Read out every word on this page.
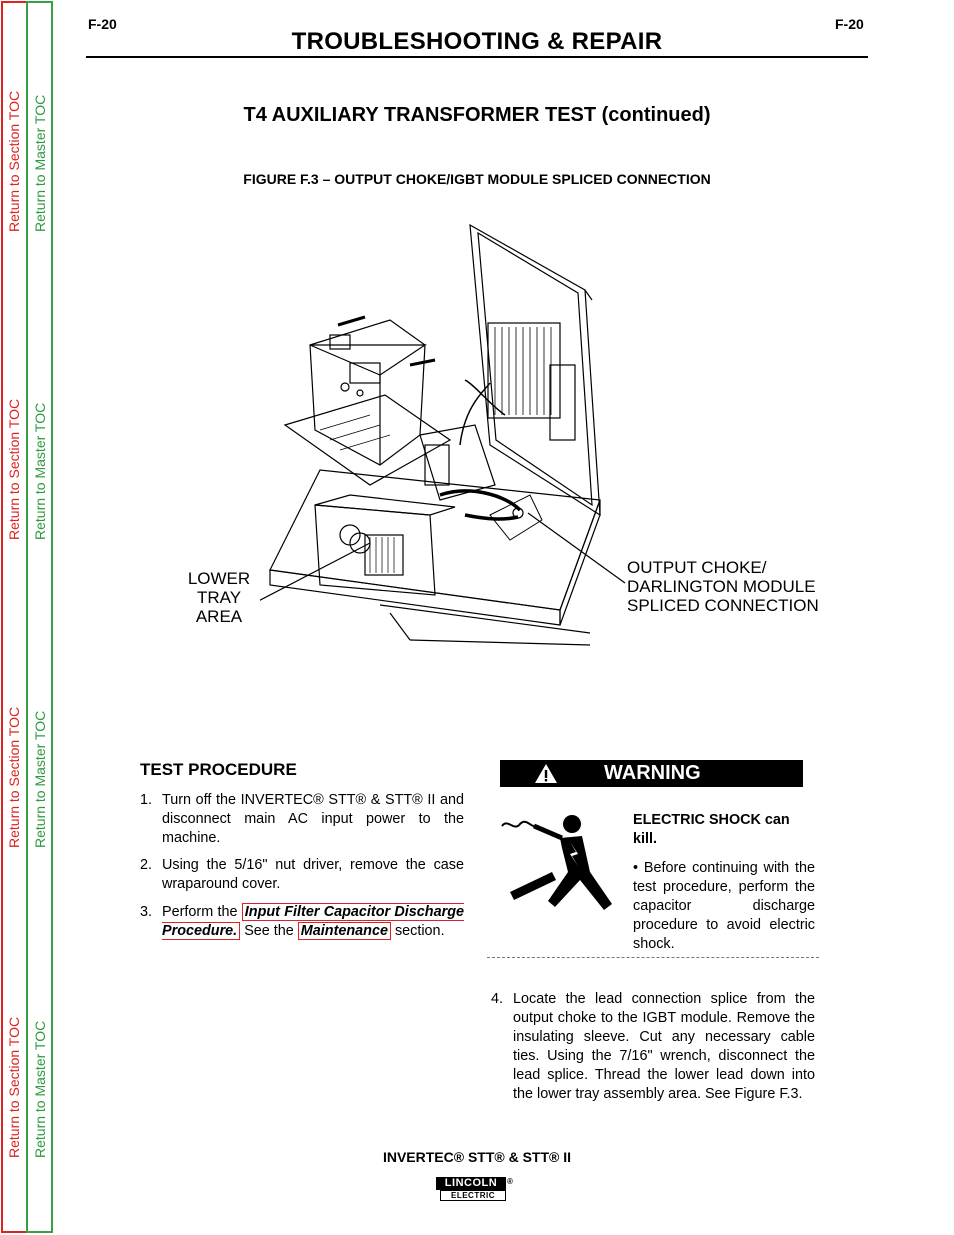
Return to Section TOC Return to Master TOC
Return to Section TOC Return to Master TOC
Return to Section TOC Return to Master TOC
Return to Section TOC Return to Master TOC
F-20	F-20
TROUBLESHOOTING & REPAIR
T4 AUXILIARY TRANSFORMER TEST (continued)
FIGURE F.3 – OUTPUT CHOKE/IGBT MODULE SPLICED CONNECTION
LOWER
TRAY
AREA
OUTPUT CHOKE/
DARLINGTON MODULE
SPLICED CONNECTION
TEST PROCEDURE
1. Turn off the INVERTEC® STT® & STT® II and disconnect main AC input power to the machine.
2. Using the 5/16" nut driver, remove the case wraparound cover.
3. Perform the Input Filter Capacitor Discharge Procedure. See the Maintenance section.
WARNING
ELECTRIC SHOCK can kill.
• Before continuing with the test procedure, perform the capacitor discharge procedure to avoid electric shock.
4. Locate the lead connection splice from the output choke to the IGBT module. Remove the insulating sleeve. Cut any necessary cable ties. Using the 7/16" wrench, disconnect the lead splice. Thread the lower lead down into the lower tray assembly area. See Figure F.3.
INVERTEC® STT® & STT® II
LINCOLN
ELECTRIC
®
